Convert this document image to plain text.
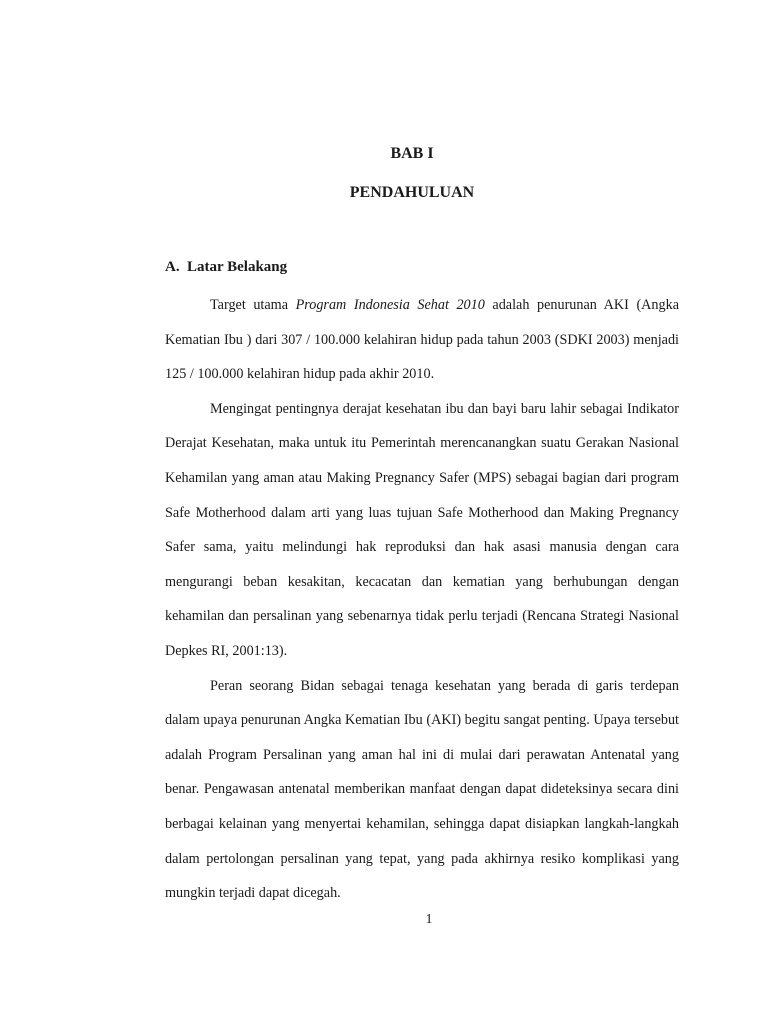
BAB I
PENDAHULUAN
A. Latar Belakang

Target utama Program Indonesia Sehat 2010 adalah penurunan AKI (Angka Kematian Ibu ) dari 307 / 100.000 kelahiran hidup pada tahun 2003 (SDKI 2003) menjadi 125 / 100.000 kelahiran hidup pada akhir 2010.

Mengingat pentingnya derajat kesehatan ibu dan bayi baru lahir sebagai Indikator Derajat Kesehatan, maka untuk itu Pemerintah merencanangkan suatu Gerakan Nasional Kehamilan yang aman atau Making Pregnancy Safer (MPS) sebagai bagian dari program Safe Motherhood dalam arti yang luas tujuan Safe Motherhood dan Making Pregnancy Safer sama, yaitu melindungi hak reproduksi dan hak asasi manusia dengan cara mengurangi beban kesakitan, kecacatan dan kematian yang berhubungan dengan kehamilan dan persalinan yang sebenarnya tidak perlu terjadi (Rencana Strategi Nasional Depkes RI, 2001:13).

Peran seorang Bidan sebagai tenaga kesehatan yang berada di garis terdepan dalam upaya penurunan Angka Kematian Ibu (AKI) begitu sangat penting. Upaya tersebut adalah Program Persalinan yang aman hal ini di mulai dari perawatan Antenatal yang benar. Pengawasan antenatal memberikan manfaat dengan dapat dideteksinya secara dini berbagai kelainan yang menyertai kehamilan, sehingga dapat disiapkan langkah-langkah dalam pertolongan persalinan yang tepat, yang pada akhirnya resiko komplikasi yang mungkin terjadi dapat dicegah.

1
